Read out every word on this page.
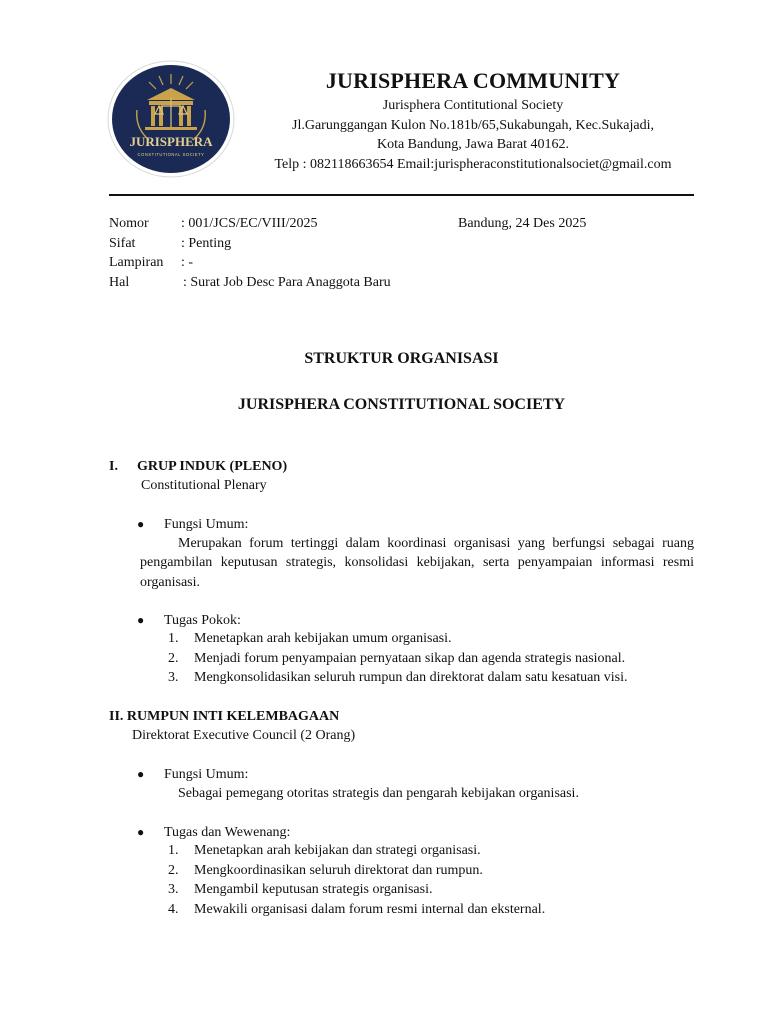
JURISPHERA
CONSTITUTIONAL SOCIETY

JURISPHERA COMMUNITY

Jurisphera Contitutional Society

Jl.Garunggangan Kulon No.181b/65,Sukabungah, Kec.Sukajadi,

Kota Bandung, Jawa Barat 40162.

Telp : 082118663654 Email:jurispheraconstitutionalsociet@gmail.com

Nomor : 001/JCS/EC/VIII/2025
Sifat	: Penting
Lampiran : -
Hal	: Surat Job Desc Para Anaggota Baru
Bandung, 24 Des 2025

STRUKTUR ORGANISASI

JURISPHERA CONSTITUTIONAL SOCIETY

I. GRUP INDUK (PLENO)
Constitutional Plenary
● Fungsi Umum:

Merupakan forum tertinggi dalam koordinasi organisasi yang berfungsi sebagai ruang pengambilan keputusan strategis, konsolidasi kebijakan, serta penyampaian informasi resmi organisasi.

● Tugas Pokok:
1. Menetapkan arah kebijakan umum organisasi.
2. Menjadi forum penyampaian pernyataan sikap dan agenda strategis nasional.
3. Mengkonsolidasikan seluruh rumpun dan direktorat dalam satu kesatuan visi.
II. RUMPUN INTI KELEMBAGAAN
Direktorat Executive Council (2 Orang)
● Fungsi Umum:
Sebagai pemegang otoritas strategis dan pengarah kebijakan organisasi.
● Tugas dan Wewenang:
1. Menetapkan arah kebijakan dan strategi organisasi.
2. Mengkoordinasikan seluruh direktorat dan rumpun.
3. Mengambil keputusan strategis organisasi.
4. Mewakili organisasi dalam forum resmi internal dan eksternal.
